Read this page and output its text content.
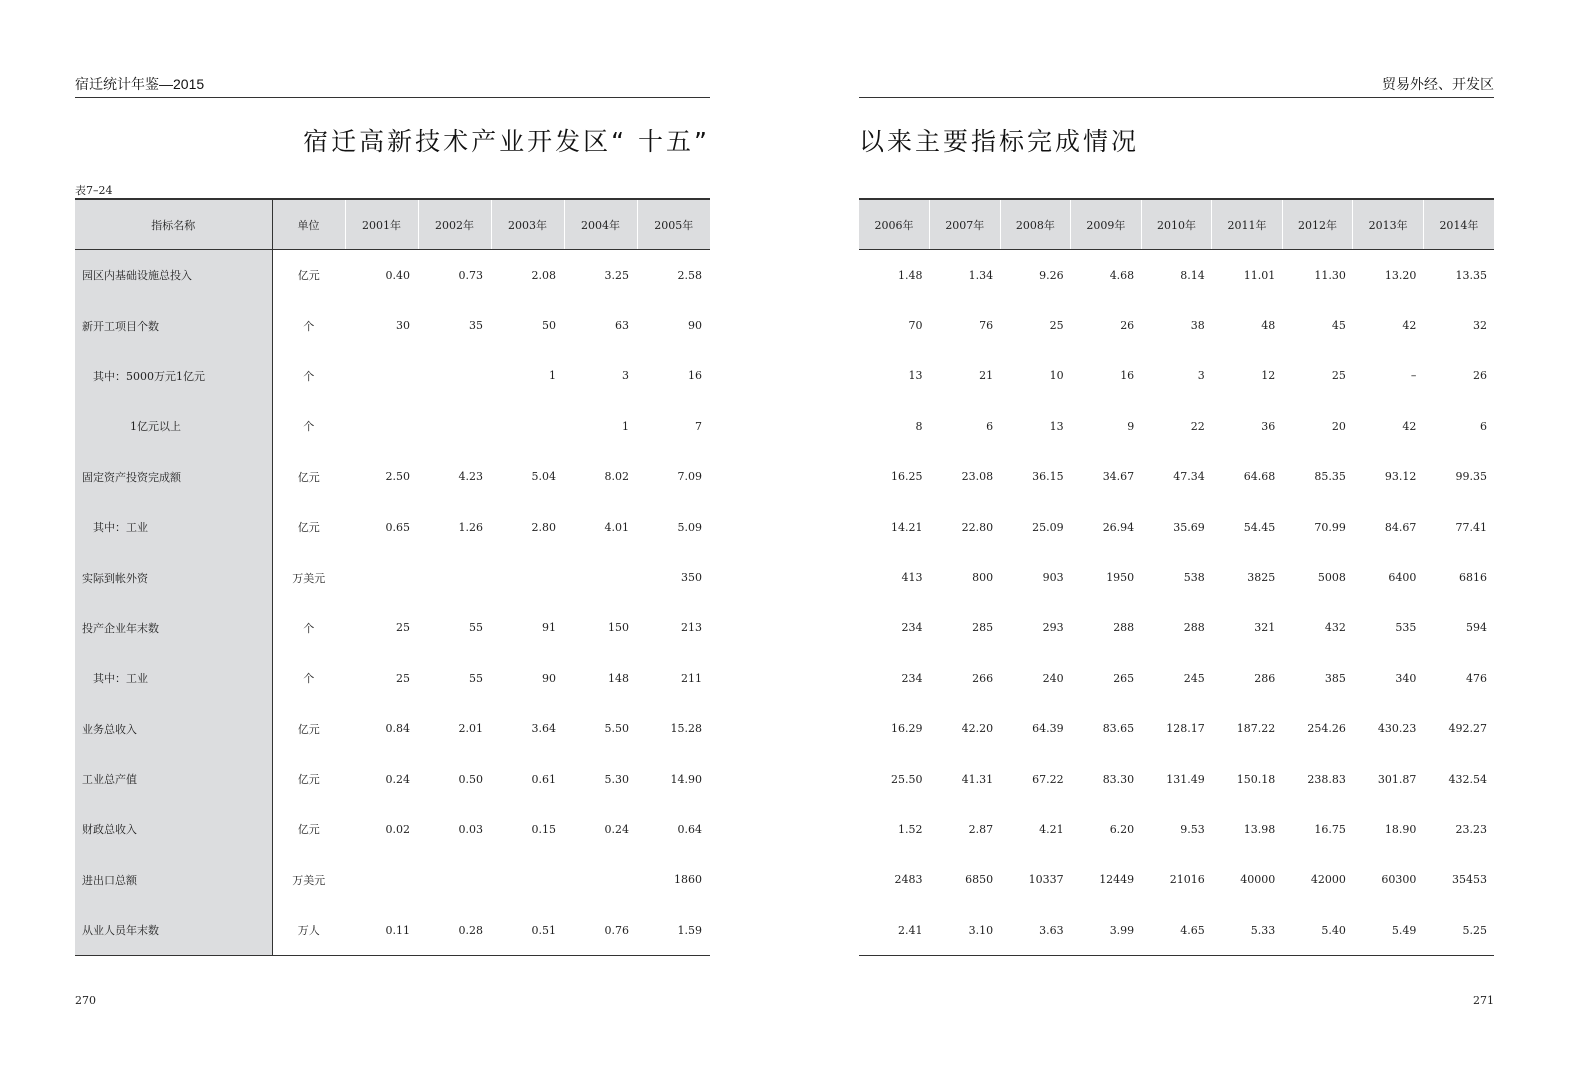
宿迁统计年鉴—2015
宿迁高新技术产业开发区“ 十五”
表7–24
指标名称	单位	2001年	2002年	2003年	2004年	2005年
园区内基础设施总投入	亿元	0.40	0.73	2.08	3.25	2.58
新开工项目个数	个	30	35	50	63	90
其中：5000万元1亿元	个			1	3	16
1亿元以上	个				1	7
固定资产投资完成额	亿元	2.50	4.23	5.04	8.02	7.09
其中：工业	亿元	0.65	1.26	2.80	4.01	5.09
实际到帐外资	万美元					350
投产企业年末数	个	25	55	91	150	213
其中：工业	个	25	55	90	148	211
业务总收入	亿元	0.84	2.01	3.64	5.50	15.28
工业总产值	亿元	0.24	0.50	0.61	5.30	14.90
财政总收入	亿元	0.02	0.03	0.15	0.24	0.64
进出口总额	万美元					1860
从业人员年末数	万人	0.11	0.28	0.51	0.76	1.59
270
贸易外经、开发区
以来主要指标完成情况
2006年	2007年	2008年	2009年	2010年	2011年	2012年	2013年	2014年
1.48	1.34	9.26	4.68	8.14	11.01	11.30	13.20	13.35
70	76	25	26	38	48	45	42	32
13	21	10	16	3	12	25	–	26
8	6	13	9	22	36	20	42	6
16.25	23.08	36.15	34.67	47.34	64.68	85.35	93.12	99.35
14.21	22.80	25.09	26.94	35.69	54.45	70.99	84.67	77.41
413	800	903	1950	538	3825	5008	6400	6816
234	285	293	288	288	321	432	535	594
234	266	240	265	245	286	385	340	476
16.29	42.20	64.39	83.65	128.17	187.22	254.26	430.23	492.27
25.50	41.31	67.22	83.30	131.49	150.18	238.83	301.87	432.54
1.52	2.87	4.21	6.20	9.53	13.98	16.75	18.90	23.23
2483	6850	10337	12449	21016	40000	42000	60300	35453
2.41	3.10	3.63	3.99	4.65	5.33	5.40	5.49	5.25
271
